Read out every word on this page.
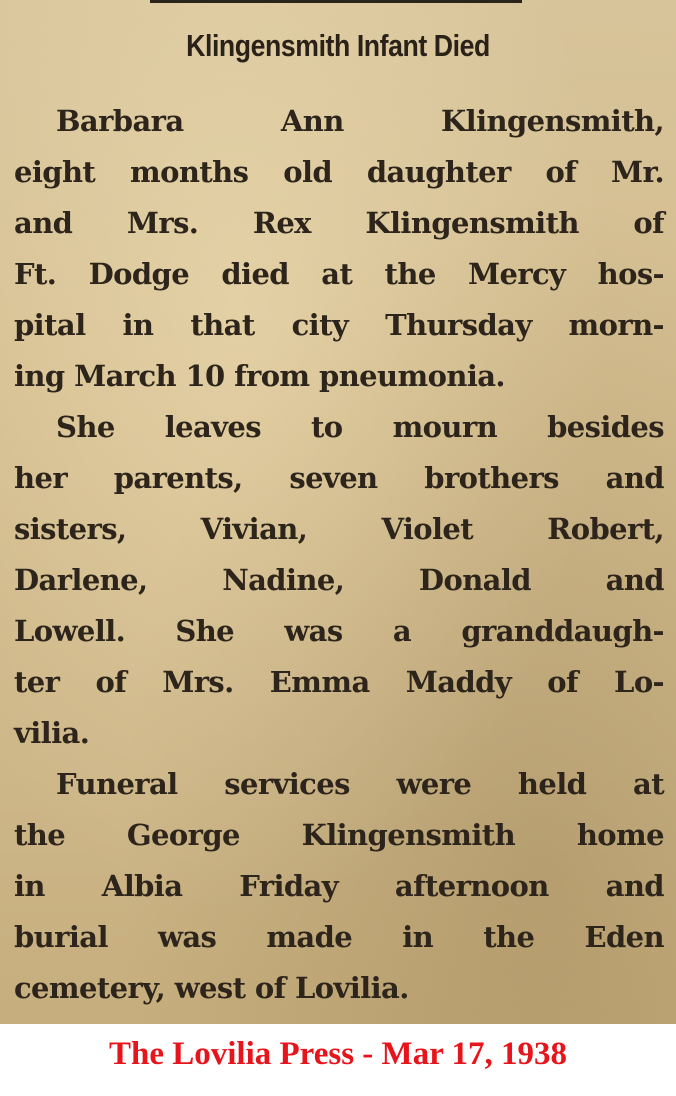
Klingensmith Infant Died
Barbara Ann Klingensmith,
eight months old daughter of Mr.
and Mrs. Rex Klingensmith of
Ft. Dodge died at the Mercy hos-
pital in that city Thursday morn-
ing March 10 from pneumonia.
She leaves to mourn besides
her parents, seven brothers and
sisters, Vivian, Violet Robert,
Darlene, Nadine, Donald and
Lowell. She was a granddaugh-
ter of Mrs. Emma Maddy of Lo-
vilia.
Funeral services were held at
the George Klingensmith home
in Albia Friday afternoon and
burial was made in the Eden
cemetery, west of Lovilia.
The Lovilia Press - Mar 17, 1938
